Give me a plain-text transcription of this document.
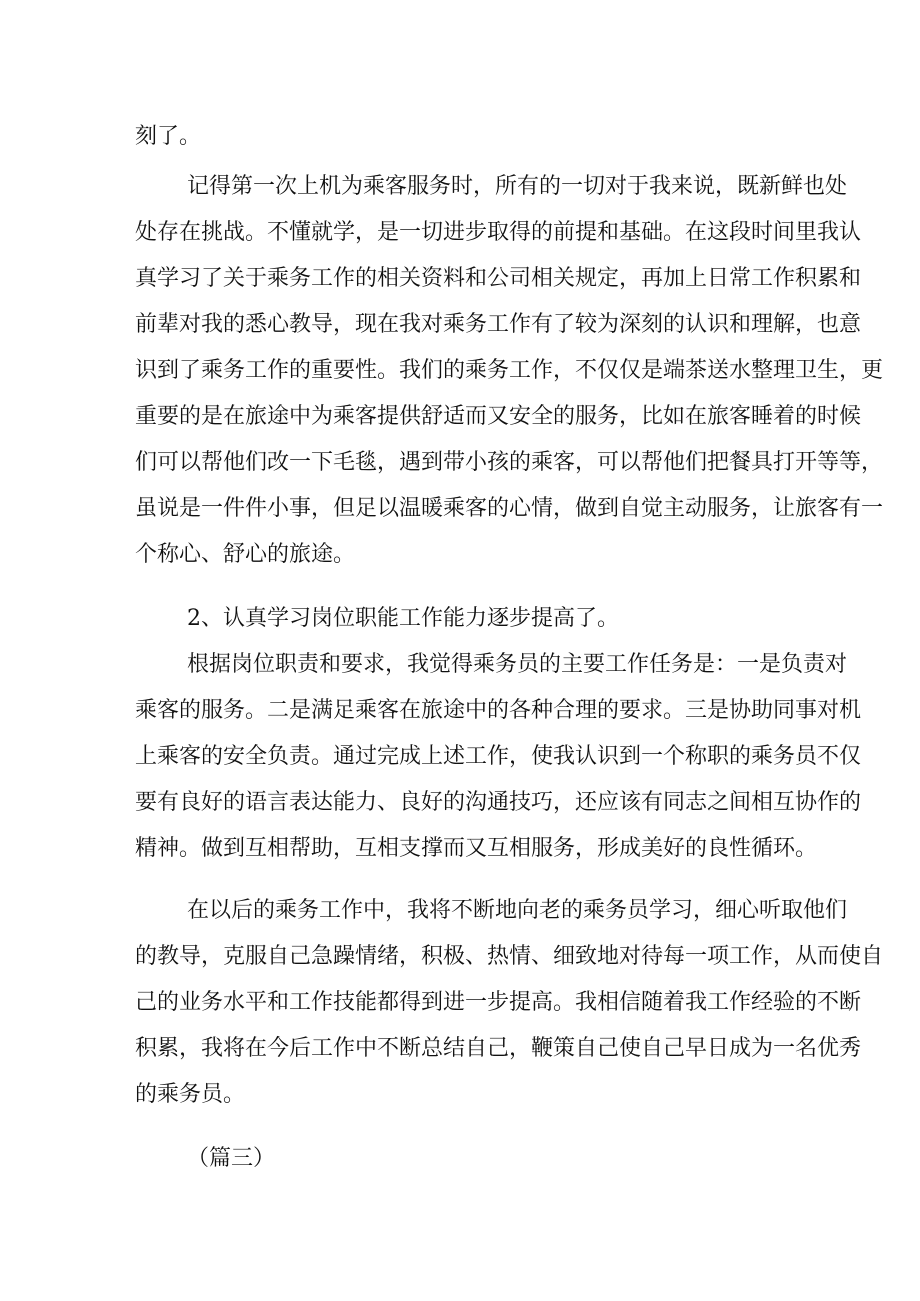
刻了。
记得第一次上机为乘客服务时，所有的一切对于我来说，既新鲜也处
处存在挑战。不懂就学，是一切进步取得的前提和基础。在这段时间里我认
真学习了关于乘务工作的相关资料和公司相关规定，再加上日常工作积累和
前辈对我的悉心教导，现在我对乘务工作有了较为深刻的认识和理解，也意
识到了乘务工作的重要性。我们的乘务工作，不仅仅是端茶送水整理卫生，更
重要的是在旅途中为乘客提供舒适而又安全的服务，比如在旅客睡着的时候
们可以帮他们改一下毛毯，遇到带小孩的乘客，可以帮他们把餐具打开等等，
虽说是一件件小事，但足以温暖乘客的心情，做到自觉主动服务，让旅客有一
个称心、舒心的旅途。
2、认真学习岗位职能工作能力逐步提高了。
根据岗位职责和要求，我觉得乘务员的主要工作任务是：一是负责对
乘客的服务。二是满足乘客在旅途中的各种合理的要求。三是协助同事对机
上乘客的安全负责。通过完成上述工作，使我认识到一个称职的乘务员不仅
要有良好的语言表达能力、良好的沟通技巧，还应该有同志之间相互协作的
精神。做到互相帮助，互相支撑而又互相服务，形成美好的良性循环。
在以后的乘务工作中，我将不断地向老的乘务员学习，细心听取他们
的教导，克服自己急躁情绪，积极、热情、细致地对待每一项工作，从而使自
己的业务水平和工作技能都得到进一步提高。我相信随着我工作经验的不断
积累，我将在今后工作中不断总结自己，鞭策自己使自己早日成为一名优秀
的乘务员。
（篇三）
